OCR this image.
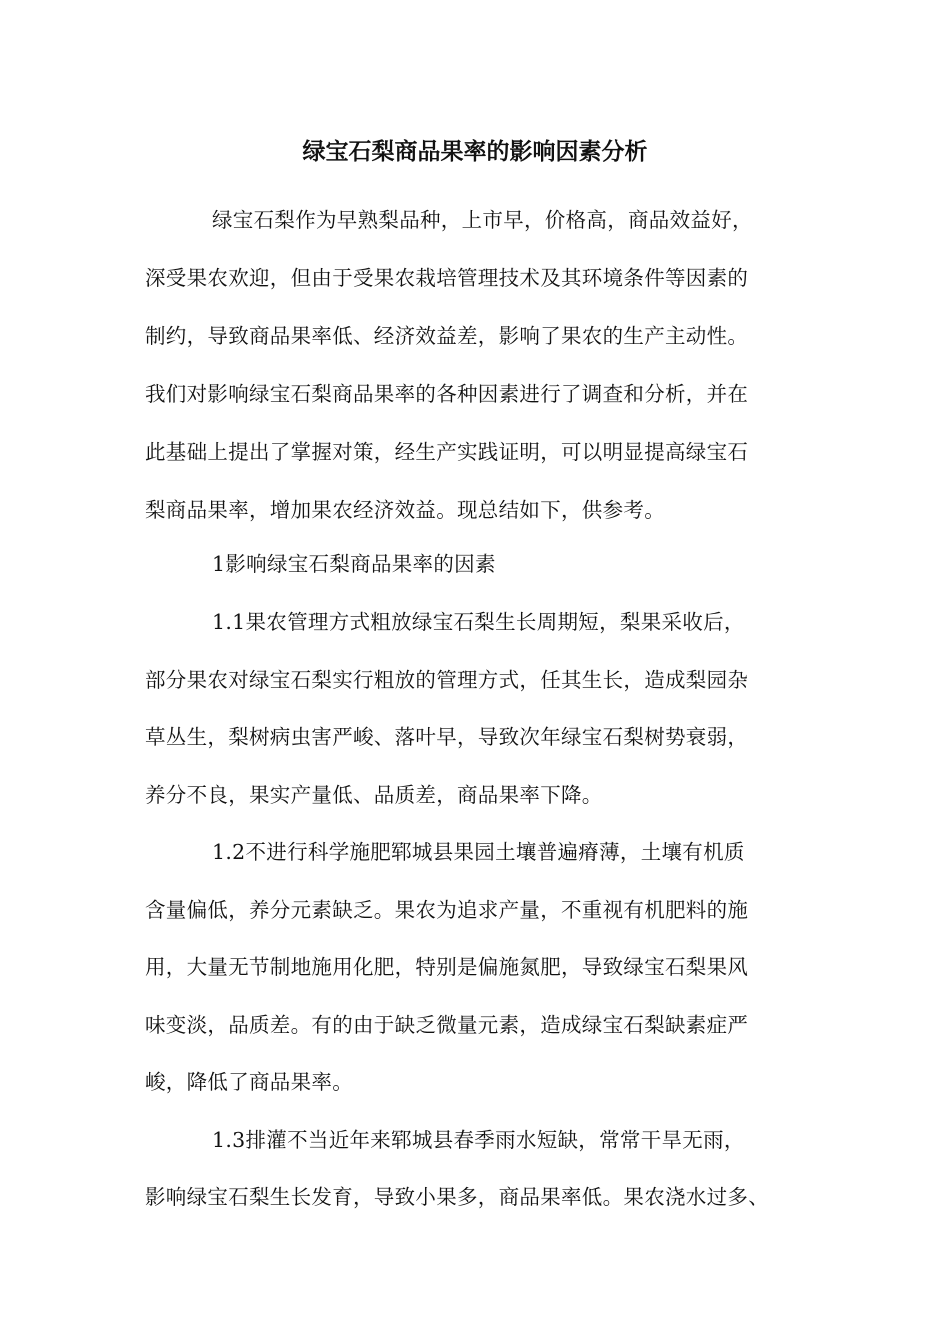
绿宝石梨商品果率的影响因素分析
绿宝石梨作为早熟梨品种，上市早，价格高，商品效益好，
深受果农欢迎，但由于受果农栽培管理技术及其环境条件等因素的
制约，导致商品果率低、经济效益差，影响了果农的生产主动性。
我们对影响绿宝石梨商品果率的各种因素进行了调查和分析，并在
此基础上提出了掌握对策，经生产实践证明，可以明显提高绿宝石
梨商品果率，增加果农经济效益。现总结如下，供参考。
1影响绿宝石梨商品果率的因素
1.1果农管理方式粗放绿宝石梨生长周期短，梨果采收后，
部分果农对绿宝石梨实行粗放的管理方式，任其生长，造成梨园杂
草丛生，梨树病虫害严峻、落叶早，导致次年绿宝石梨树势衰弱，
养分不良，果实产量低、品质差，商品果率下降。
1.2不进行科学施肥郓城县果园土壤普遍瘠薄，土壤有机质
含量偏低，养分元素缺乏。果农为追求产量，不重视有机肥料的施
用，大量无节制地施用化肥，特别是偏施氮肥，导致绿宝石梨果风
味变淡，品质差。有的由于缺乏微量元素，造成绿宝石梨缺素症严
峻，降低了商品果率。
1.3排灌不当近年来郓城县春季雨水短缺，常常干旱无雨，
影响绿宝石梨生长发育，导致小果多，商品果率低。果农浇水过多、
